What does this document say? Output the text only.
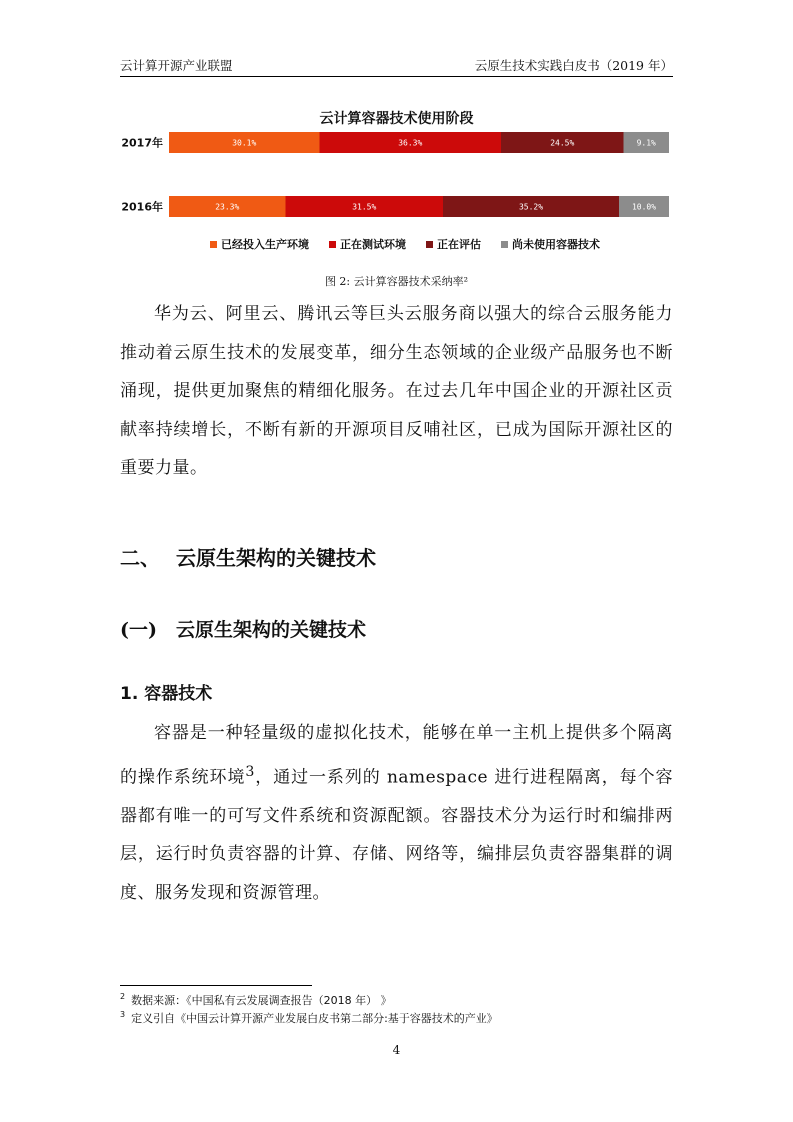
云计算开源产业联盟	云原生技术实践白皮书（2019 年）
云计算容器技术使用阶段
2017年	30.1%	36.3%	24.5%	9.1%
2016年	23.3%	31.5%	35.2%	10.0%
已经投入生产环境	正在测试环境	正在评估	尚未使用容器技术
图 2: 云计算容器技术采纳率²

华为云、阿里云、腾讯云等巨头云服务商以强大的综合云服务能力推动着云原生技术的发展变革，细分生态领域的企业级产品服务也不断涌现，提供更加聚焦的精细化服务。在过去几年中国企业的开源社区贡献率持续增长，不断有新的开源项目反哺社区，已成为国际开源社区的重要力量。

二、 云原生架构的关键技术
(一) 云原生架构的关键技术
1. 容器技术

容器是一种轻量级的虚拟化技术，能够在单一主机上提供多个隔离的操作系统环境$^3$，通过一系列的 namespace 进行进程隔离，每个容器都有唯一的可写文件系统和资源配额。容器技术分为运行时和编排两层，运行时负责容器的计算、存储、网络等，编排层负责容器集群的调度、服务发现和资源管理。

$^2$ 数据来源：《中国私有云发展调查报告（2018 年） 》
$^3$ 定义引自《中国云计算开源产业发展白皮书第二部分:基于容器技术的产业》
4
